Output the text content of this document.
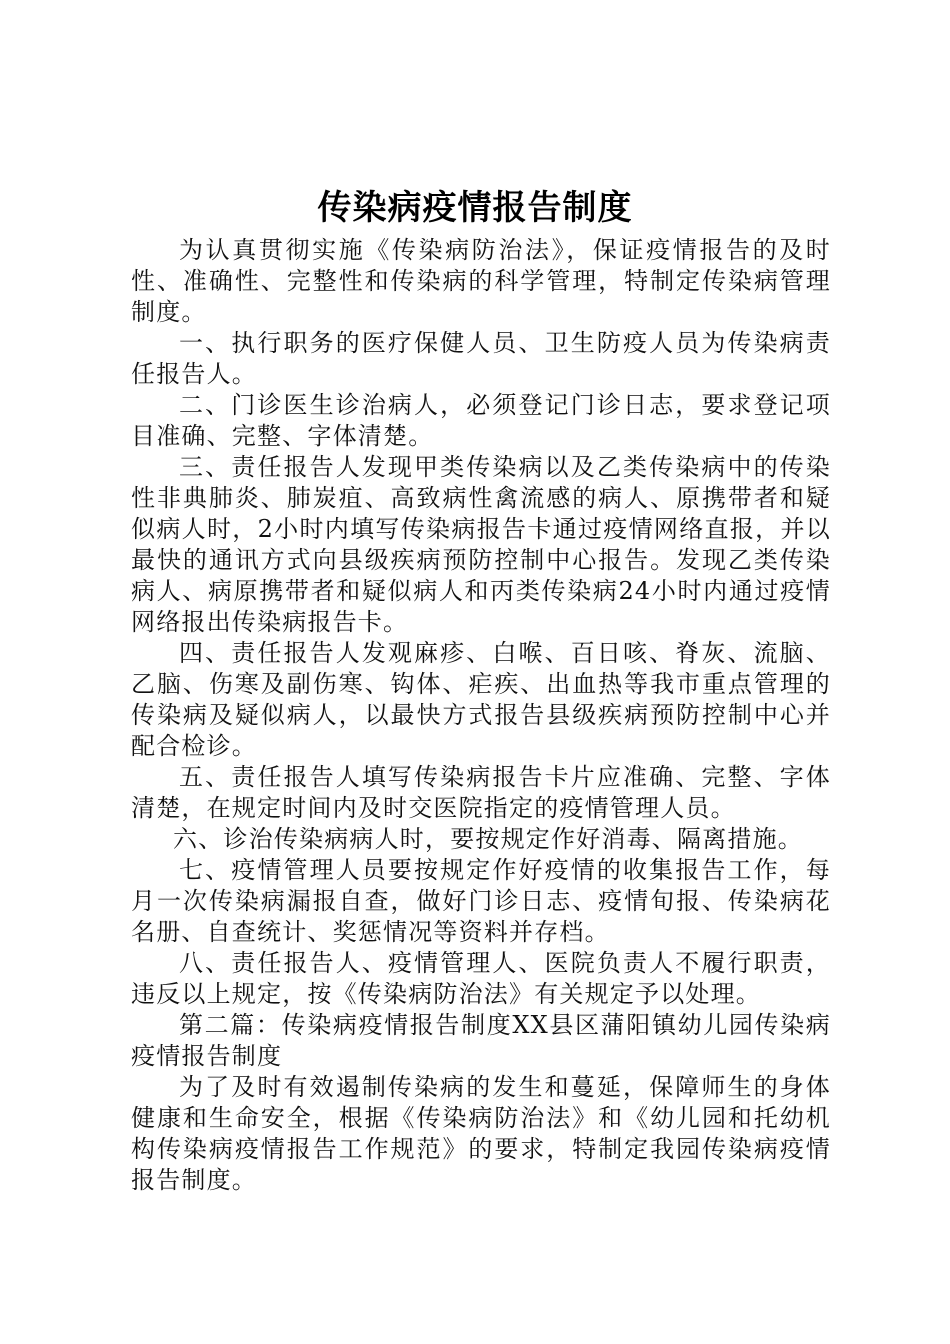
传染病疫情报告制度

为认真贯彻实施《传染病防治法》，保证疫情报告的及时性、准确性、完整性和传染病的科学管理，特制定传染病管理制度。

一、执行职务的医疗保健人员、卫生防疫人员为传染病责任报告人。

二、门诊医生诊治病人，必须登记门诊日志，要求登记项目准确、完整、字体清楚。

三、责任报告人发现甲类传染病以及乙类传染病中的传染性非典肺炎、肺炭疽、高致病性禽流感的病人、原携带者和疑似病人时，2小时内填写传染病报告卡通过疫情网络直报，并以最快的通讯方式向县级疾病预防控制中心报告。发现乙类传染病人、病原携带者和疑似病人和丙类传染病24小时内通过疫情网络报出传染病报告卡。

四、责任报告人发观麻疹、白喉、百日咳、脊灰、流脑、乙脑、伤寒及副伤寒、钩体、疟疾、出血热等我市重点管理的传染病及疑似病人，以最快方式报告县级疾病预防控制中心并配合检诊。

五、责任报告人填写传染病报告卡片应准确、完整、字体清楚，在规定时间内及时交医院指定的疫情管理人员。

六、诊治传染病病人时，要按规定作好消毒、隔离措施。

七、疫情管理人员要按规定作好疫情的收集报告工作，每月一次传染病漏报自查，做好门诊日志、疫情旬报、传染病花名册、自查统计、奖惩情况等资料并存档。

八、责任报告人、疫情管理人、医院负责人不履行职责，违反以上规定，按《传染病防治法》有关规定予以处理。

第二篇：传染病疫情报告制度XX县区蒲阳镇幼儿园传染病疫情报告制度

为了及时有效遏制传染病的发生和蔓延，保障师生的身体健康和生命安全，根据《传染病防治法》和《幼儿园和托幼机构传染病疫情报告工作规范》的要求，特制定我园传染病疫情报告制度。
